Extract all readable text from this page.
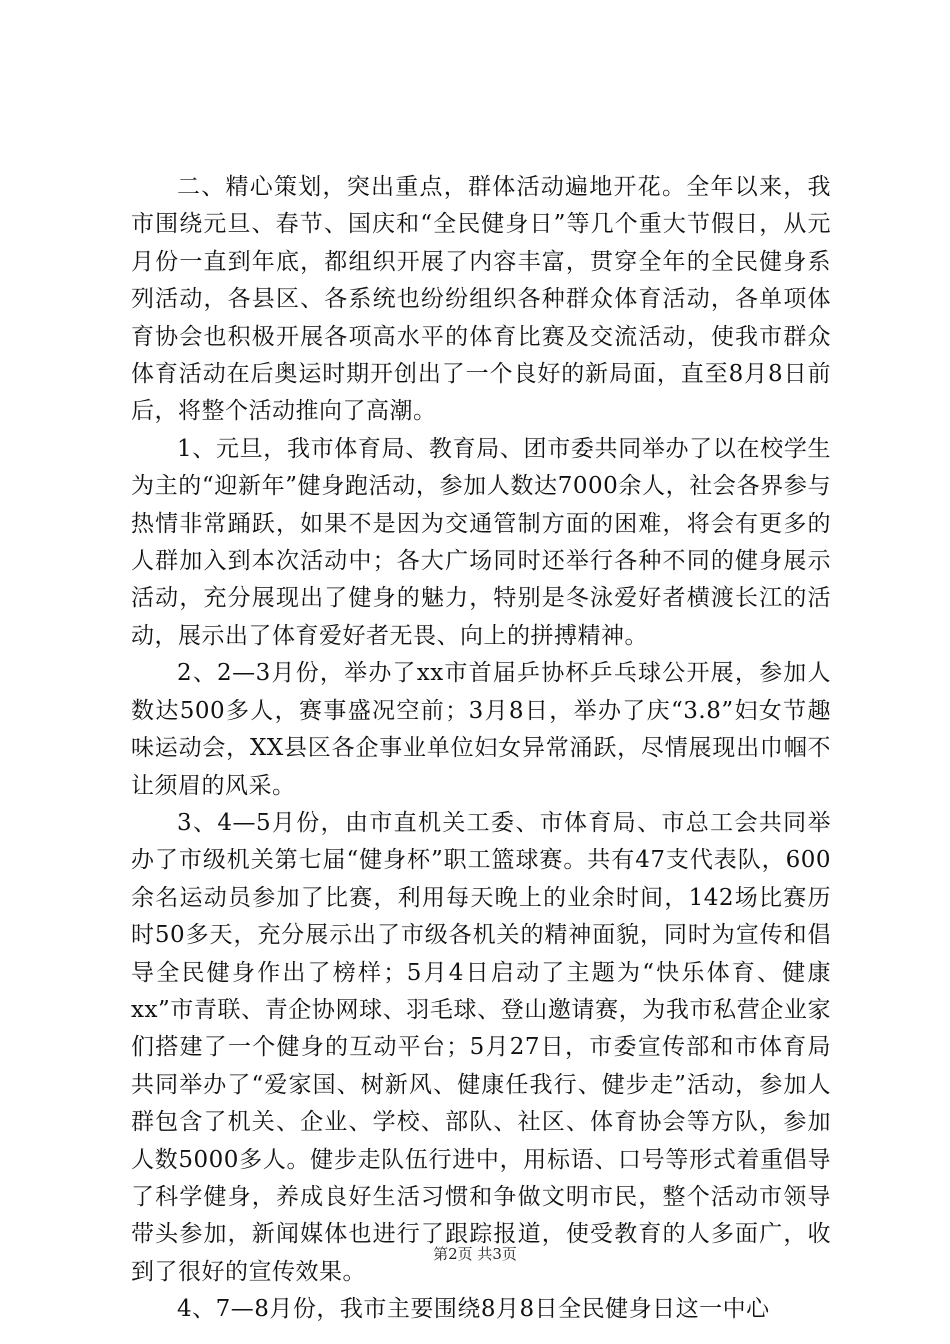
二、精心策划，突出重点，群体活动遍地开花。全年以来，我市围绕元旦、春节、国庆和“全民健身日”等几个重大节假日，从元月份一直到年底，都组织开展了内容丰富，贯穿全年的全民健身系列活动，各县区、各系统也纷纷组织各种群众体育活动，各单项体育协会也积极开展各项高水平的体育比赛及交流活动，使我市群众体育活动在后奥运时期开创出了一个良好的新局面，直至8月8日前后，将整个活动推向了高潮。

1、元旦，我市体育局、教育局、团市委共同举办了以在校学生为主的“迎新年”健身跑活动，参加人数达7000余人，社会各界参与热情非常踊跃，如果不是因为交通管制方面的困难，将会有更多的人群加入到本次活动中；各大广场同时还举行各种不同的健身展示活动，充分展现出了健身的魅力，特别是冬泳爱好者横渡长江的活动，展示出了体育爱好者无畏、向上的拼搏精神。

2、2—3月份，举办了xx市首届乒协杯乒乓球公开展，参加人数达500多人，赛事盛况空前；3月8日，举办了庆“3.8”妇女节趣味运动会，XX县区各企事业单位妇女异常涌跃，尽情展现出巾帼不让须眉的风采。

3、4—5月份，由市直机关工委、市体育局、市总工会共同举办了市级机关第七届“健身杯”职工篮球赛。共有47支代表队，600余名运动员参加了比赛，利用每天晚上的业余时间，142场比赛历时50多天，充分展示出了市级各机关的精神面貌，同时为宣传和倡导全民健身作出了榜样；5月4日启动了主题为“快乐体育、健康xx”市青联、青企协网球、羽毛球、登山邀请赛，为我市私营企业家们搭建了一个健身的互动平台；5月27日，市委宣传部和市体育局共同举办了“爱家国、树新风、健康任我行、健步走”活动，参加人群包含了机关、企业、学校、部队、社区、体育协会等方队，参加人数5000多人。健步走队伍行进中，用标语、口号等形式着重倡导了科学健身，养成良好生活习惯和争做文明市民，整个活动市领导带头参加，新闻媒体也进行了跟踪报道，使受教育的人多面广，收到了很好的宣传效果。

4、7—8月份，我市主要围绕8月8日全民健身日这一中心

第2页 共3页
